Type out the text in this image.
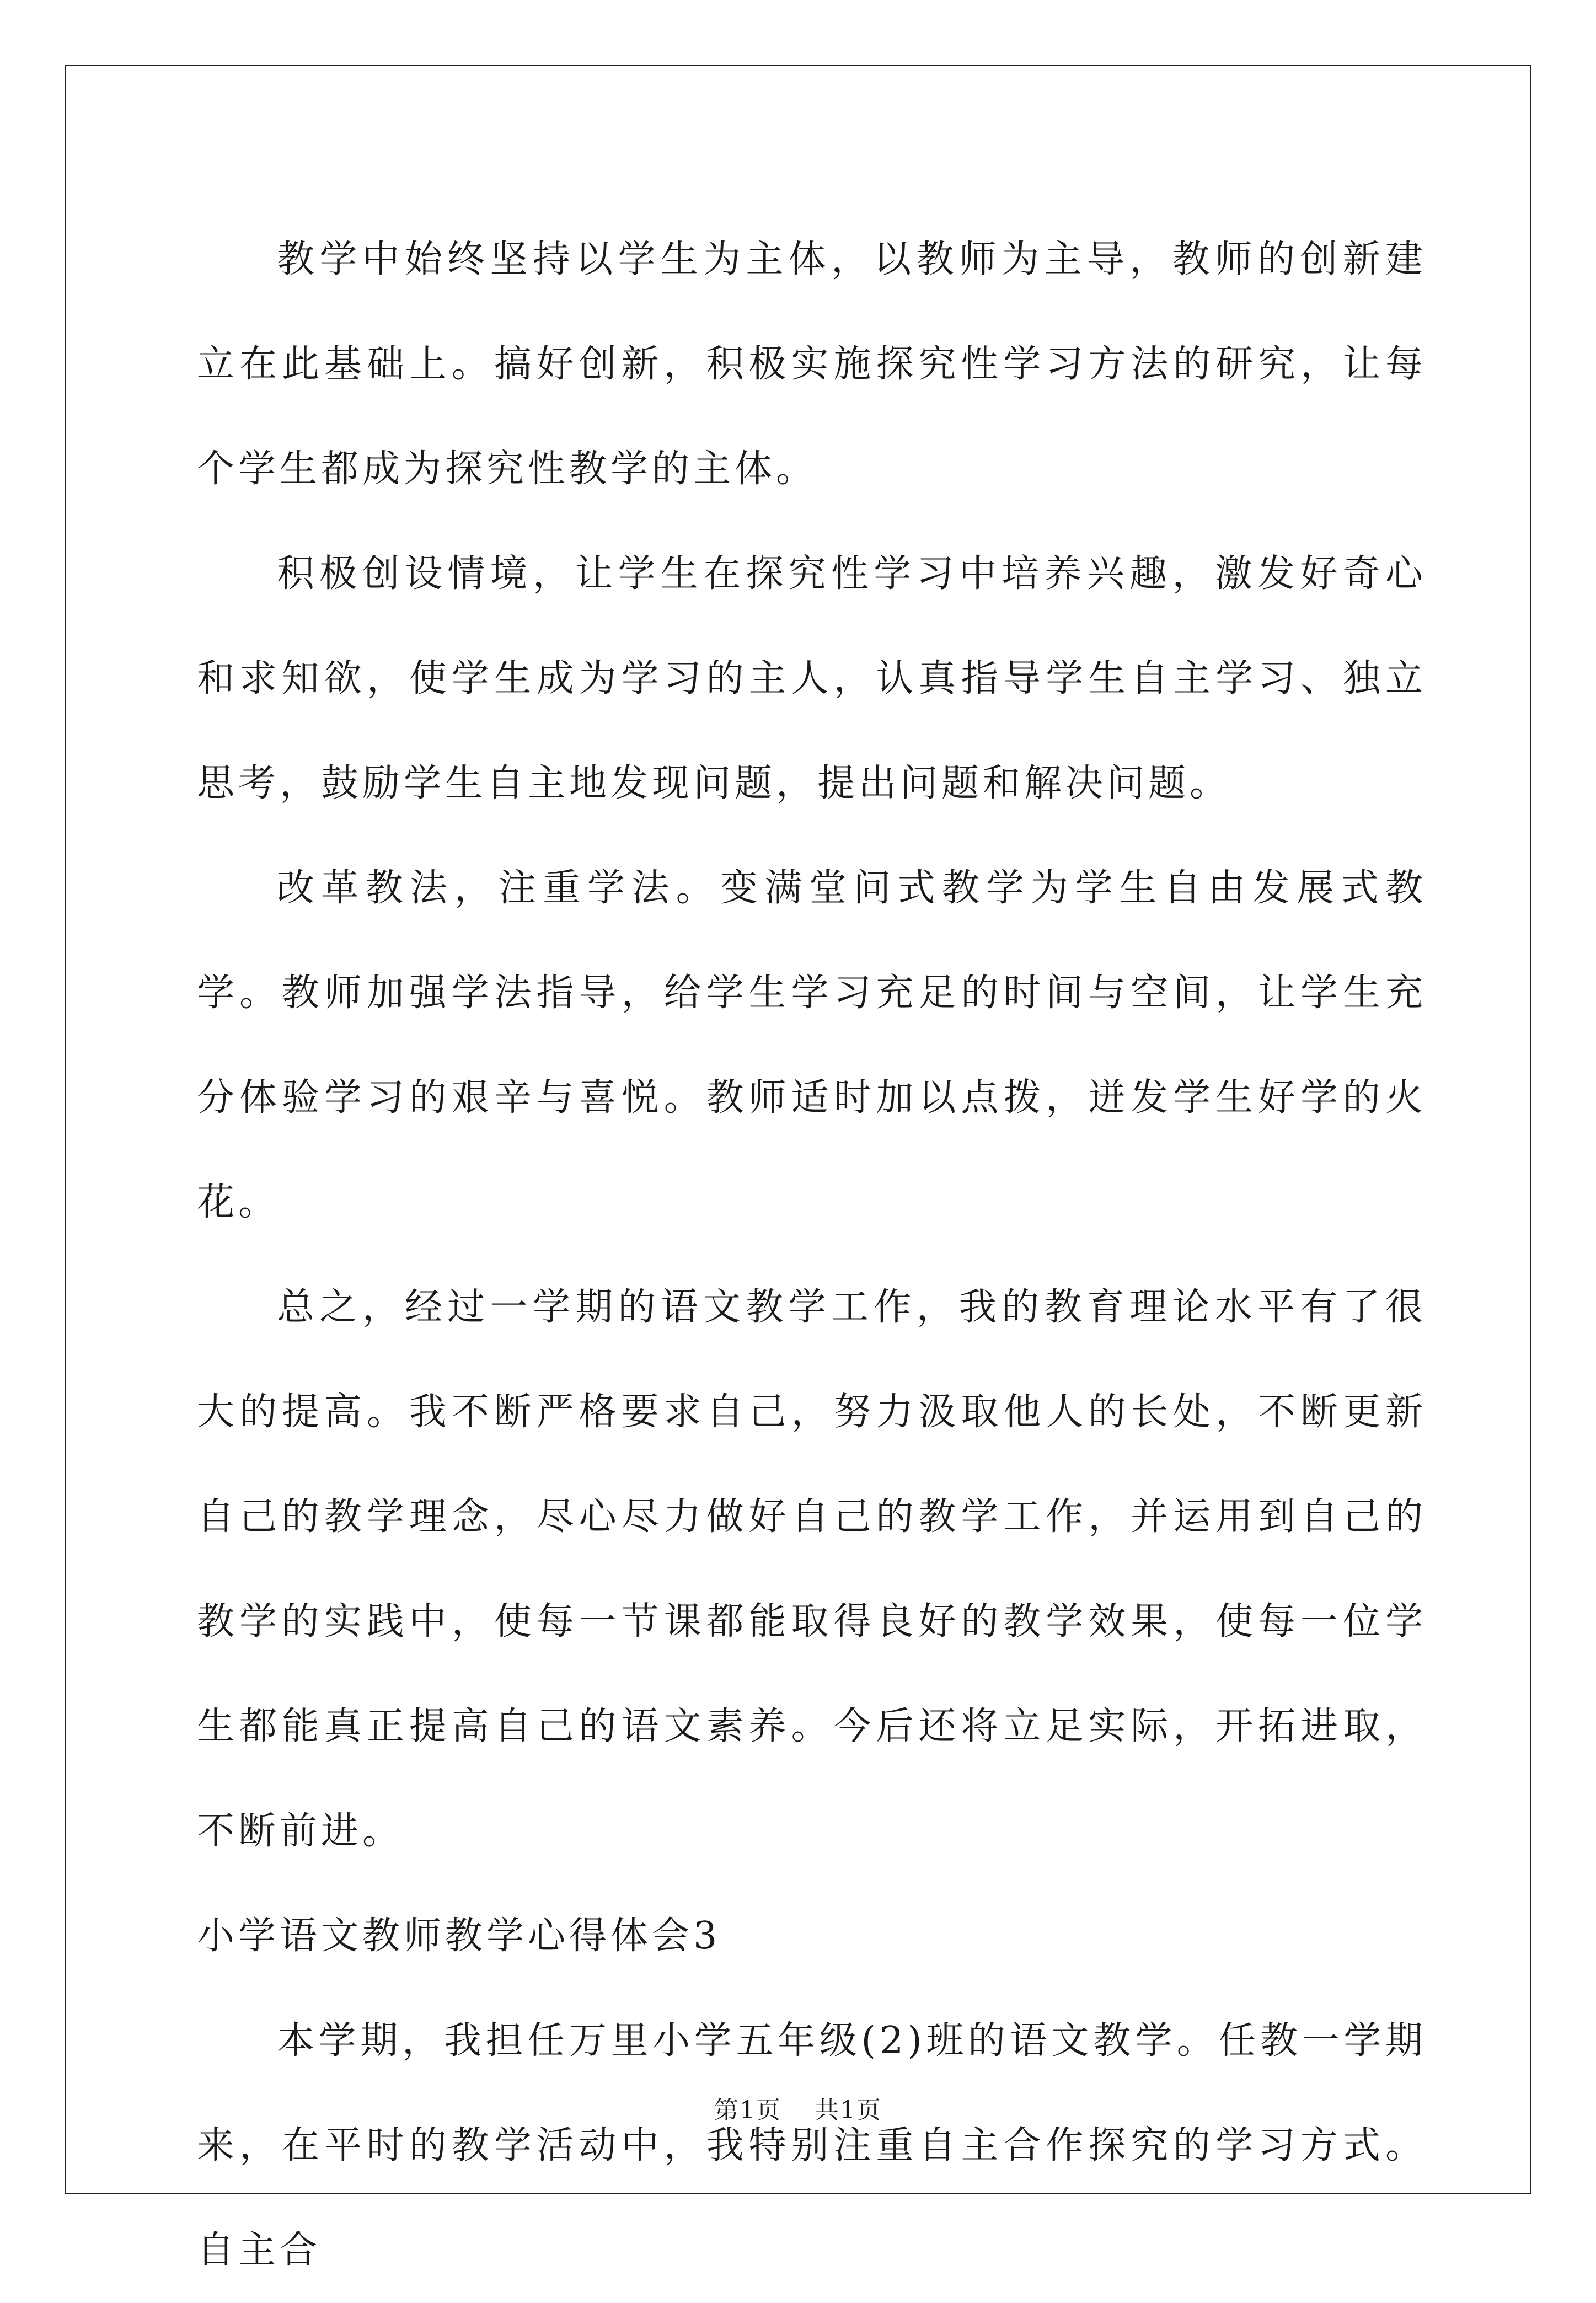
教学中始终坚持以学生为主体，以教师为主导，教师的创新建立在此基础上。搞好创新，积极实施探究性学习方法的研究，让每个学生都成为探究性教学的主体。

积极创设情境，让学生在探究性学习中培养兴趣，激发好奇心和求知欲，使学生成为学习的主人，认真指导学生自主学习、独立思考，鼓励学生自主地发现问题，提出问题和解决问题。

改革教法，注重学法。变满堂问式教学为学生自由发展式教学。教师加强学法指导，给学生学习充足的时间与空间，让学生充分体验学习的艰辛与喜悦。教师适时加以点拨，迸发学生好学的火花。

总之，经过一学期的语文教学工作，我的教育理论水平有了很大的提高。我不断严格要求自己，努力汲取他人的长处，不断更新自己的教学理念，尽心尽力做好自己的教学工作，并运用到自己的教学的实践中，使每一节课都能取得良好的教学效果，使每一位学生都能真正提高自己的语文素养。今后还将立足实际，开拓进取，不断前进。

小学语文教师教学心得体会3

本学期，我担任万里小学五年级(2)班的语文教学。任教一学期来，在平时的教学活动中，我特别注重自主合作探究的学习方式。自主合

第1页 共1页
